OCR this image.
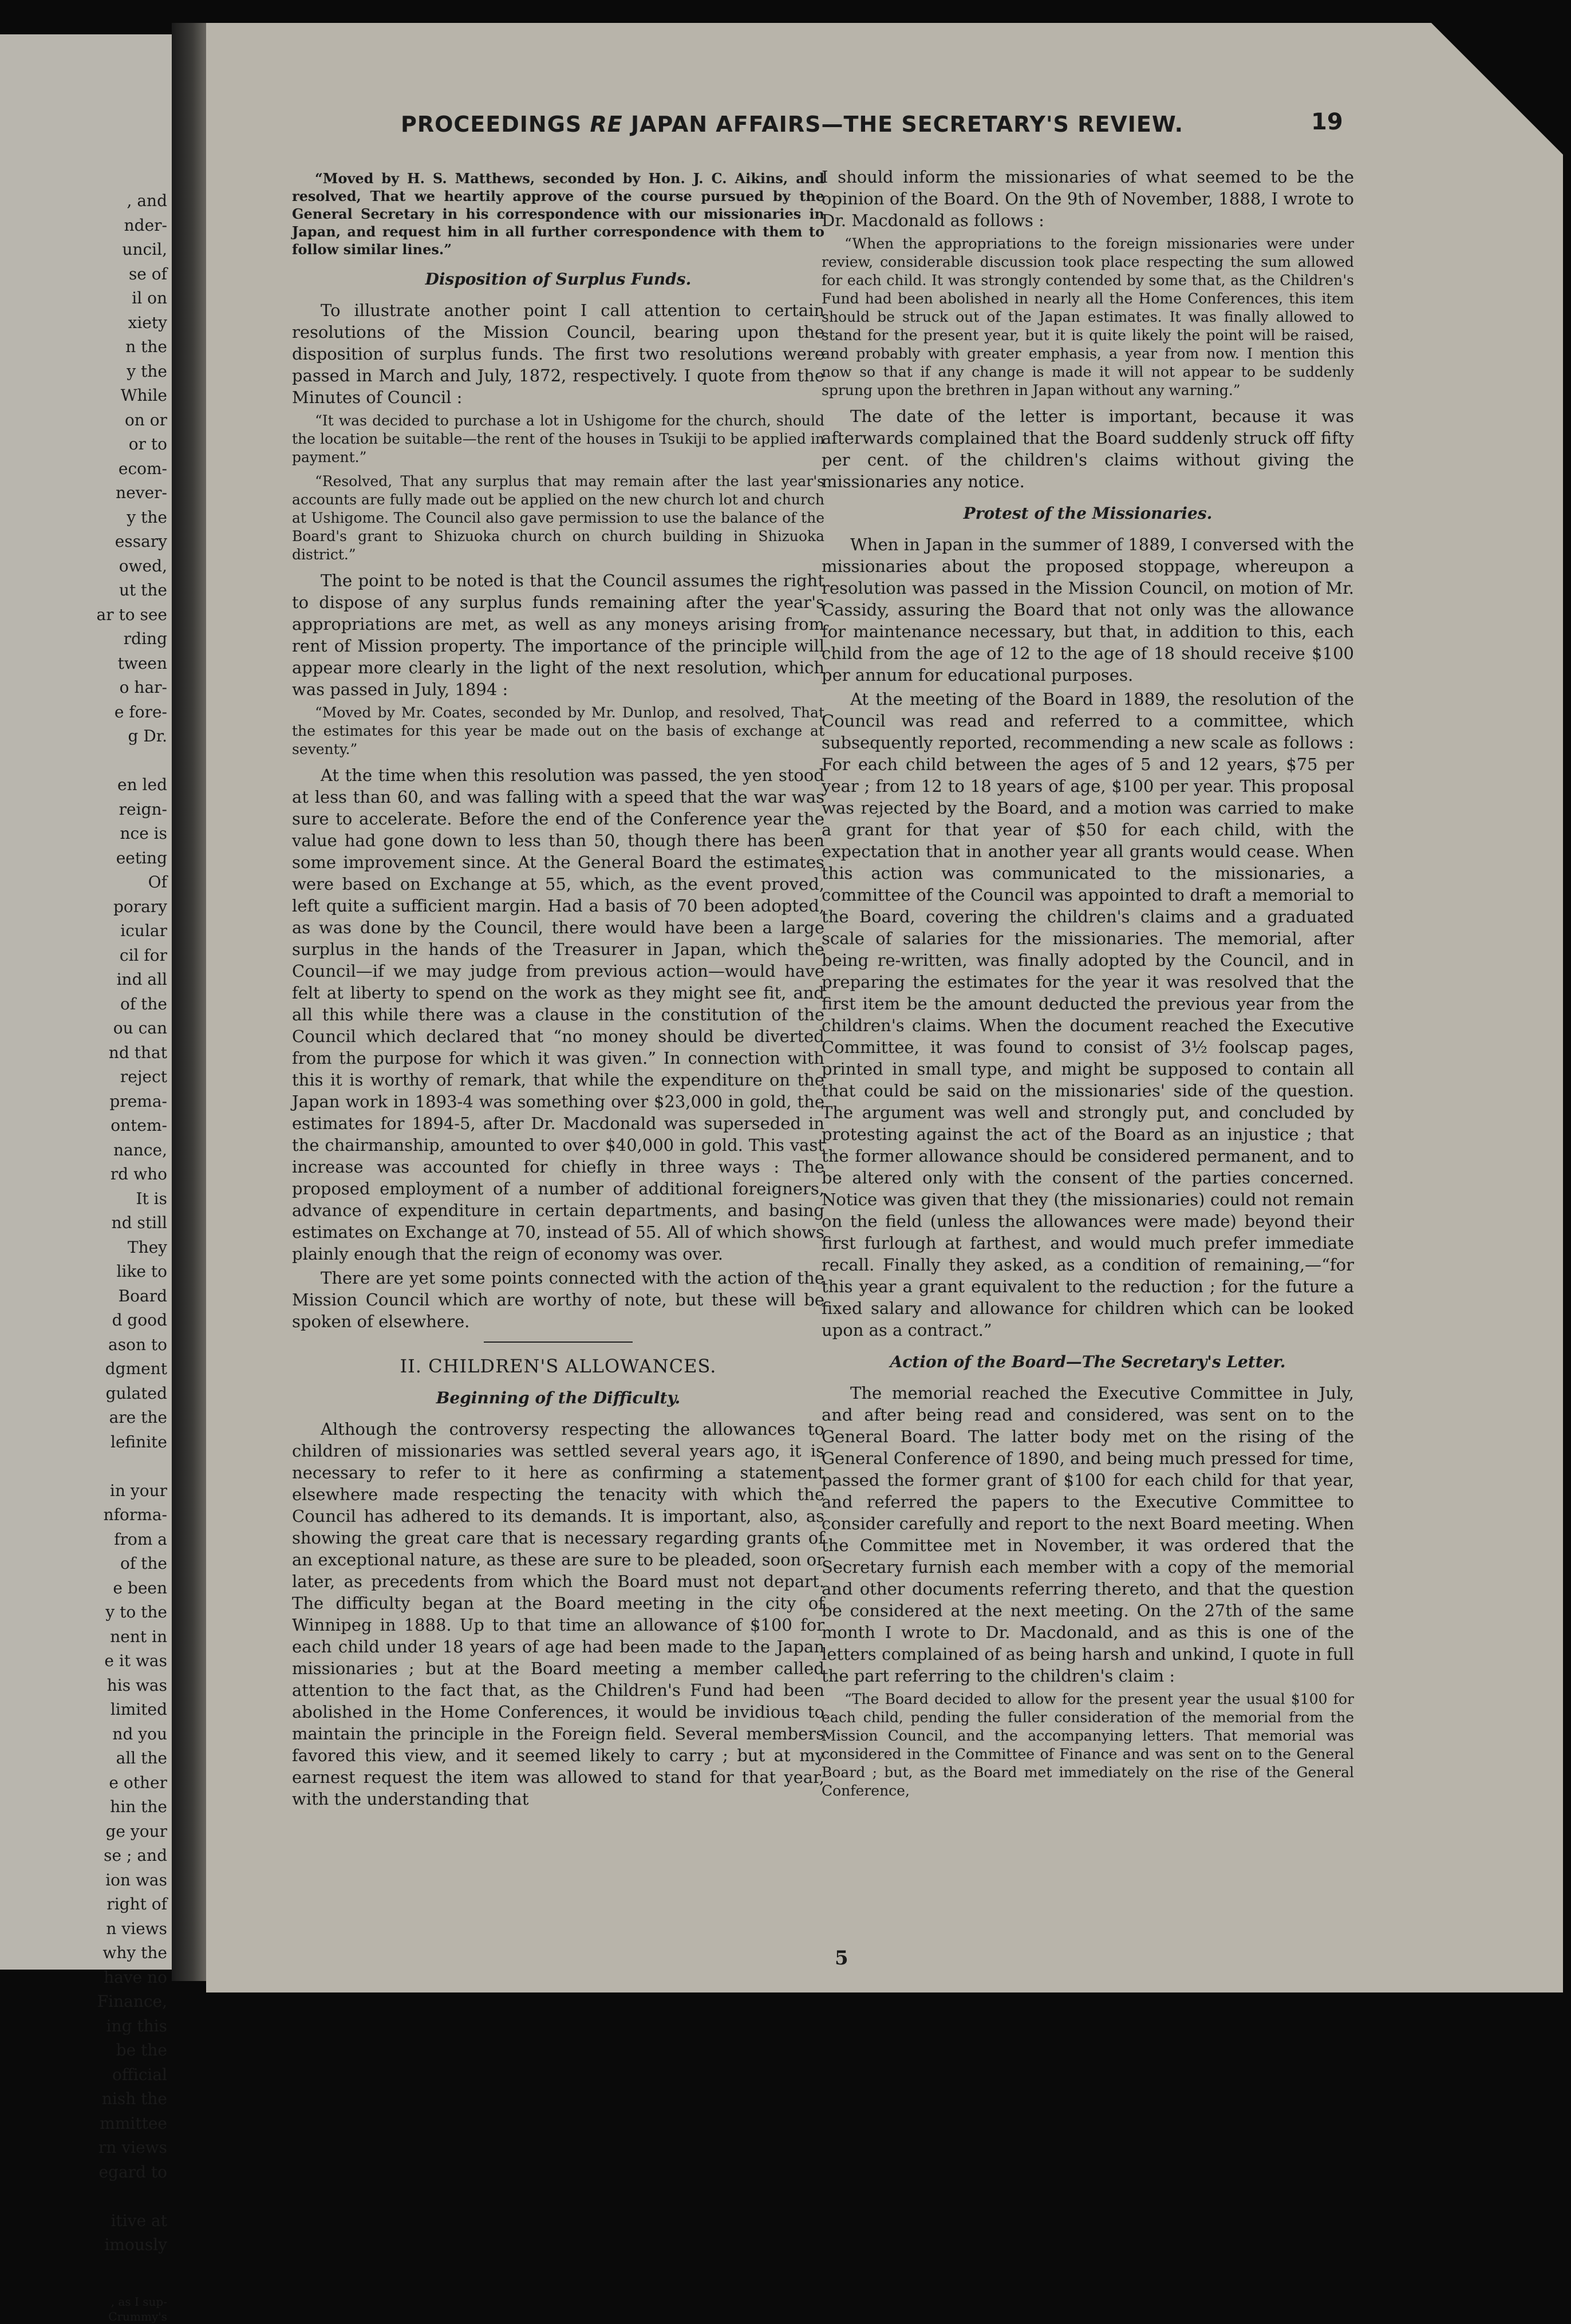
, and

nder-

uncil,

se of

il on

xiety

n the

y the

While

on or

or to

ecom-

never-

y the

essary

owed,

ut the

ar to see

rding

tween

o har-

e fore-

g Dr.

en led

reign-

nce is

eeting

Of

porary

icular

cil for

ind all

of the

ou can

nd that

reject

prema-

ontem-

nance,

rd who

It is

nd still

They

like to

Board

d good

ason to

dgment

gulated

are the

lefinite

in your

nforma-

from a

of the

e been

y to the

nent in

e it was

his was

limited

nd you

all the

e other

hin the

ge your

se ; and

ion was

right of

n views

why the

have no

Finance,

ing this

be the

official

nish the

mmittee

rn views

egard to

itive at

imously

, as I sup-

Crummy's

PROCEEDINGS RE JAPAN AFFAIRS—THE SECRETARY'S REVIEW.	19

“Moved by H. S. Matthews, seconded by Hon. J. C. Aikins, and resolved, That we heartily approve of the course pursued by the General Secretary in his correspondence with our missionaries in Japan, and request him in all further correspondence with them to follow similar lines.”

Disposition of Surplus Funds.

To illustrate another point I call attention to certain resolutions of the Mission Council, bearing upon the disposition of surplus funds. The first two resolutions were passed in March and July, 1872, respectively. I quote from the Minutes of Council :

“It was decided to purchase a lot in Ushigome for the church, should the location be suitable—the rent of the houses in Tsukiji to be applied in payment.”

“Resolved, That any surplus that may remain after the last year's accounts are fully made out be applied on the new church lot and church at Ushigome. The Council also gave permission to use the balance of the Board's grant to Shizuoka church on church building in Shizuoka district.”

The point to be noted is that the Council assumes the right to dispose of any surplus funds remaining after the year's appropriations are met, as well as any moneys arising from rent of Mission property. The importance of the principle will appear more clearly in the light of the next resolution, which was passed in July, 1894 :

“Moved by Mr. Coates, seconded by Mr. Dunlop, and resolved, That the estimates for this year be made out on the basis of exchange at seventy.”

At the time when this resolution was passed, the yen stood at less than 60, and was falling with a speed that the war was sure to accelerate. Before the end of the Conference year the value had gone down to less than 50, though there has been some improvement since. At the General Board the estimates were based on Exchange at 55, which, as the event proved, left quite a sufficient margin. Had a basis of 70 been adopted, as was done by the Council, there would have been a large surplus in the hands of the Treasurer in Japan, which the Council—if we may judge from previous action—would have felt at liberty to spend on the work as they might see fit, and all this while there was a clause in the constitution of the Council which declared that “no money should be diverted from the purpose for which it was given.” In connection with this it is worthy of remark, that while the expenditure on the Japan work in 1893-4 was something over $23,000 in gold, the estimates for 1894-5, after Dr. Macdonald was superseded in the chairmanship, amounted to over $40,000 in gold. This vast increase was accounted for chiefly in three ways : The proposed employment of a number of additional foreigners, advance of expenditure in certain departments, and basing estimates on Exchange at 70, instead of 55. All of which shows plainly enough that the reign of economy was over.

There are yet some points connected with the action of the Mission Council which are worthy of note, but these will be spoken of elsewhere.

II. CHILDREN'S ALLOWANCES.
Beginning of the Difficulty.

Although the controversy respecting the allowances to children of missionaries was settled several years ago, it is necessary to refer to it here as confirming a statement elsewhere made respecting the tenacity with which the Council has adhered to its demands. It is important, also, as showing the great care that is necessary regarding grants of an exceptional nature, as these are sure to be pleaded, soon or later, as precedents from which the Board must not depart. The difficulty began at the Board meeting in the city of Winnipeg in 1888. Up to that time an allowance of $100 for each child under 18 years of age had been made to the Japan missionaries ; but at the Board meeting a member called attention to the fact that, as the Children's Fund had been abolished in the Home Conferences, it would be invidious to maintain the principle in the Foreign field. Several members favored this view, and it seemed likely to carry ; but at my earnest request the item was allowed to stand for that year, with the understanding that

I should inform the missionaries of what seemed to be the opinion of the Board. On the 9th of November, 1888, I wrote to Dr. Macdonald as follows :

“When the appropriations to the foreign missionaries were under review, considerable discussion took place respecting the sum allowed for each child. It was strongly contended by some that, as the Children's Fund had been abolished in nearly all the Home Conferences, this item should be struck out of the Japan estimates. It was finally allowed to stand for the present year, but it is quite likely the point will be raised, and probably with greater emphasis, a year from now. I mention this now so that if any change is made it will not appear to be suddenly sprung upon the brethren in Japan without any warning.”

The date of the letter is important, because it was afterwards complained that the Board suddenly struck off fifty per cent. of the children's claims without giving the missionaries any notice.

Protest of the Missionaries.

When in Japan in the summer of 1889, I conversed with the missionaries about the proposed stoppage, whereupon a resolution was passed in the Mission Council, on motion of Mr. Cassidy, assuring the Board that not only was the allowance for maintenance necessary, but that, in addition to this, each child from the age of 12 to the age of 18 should receive $100 per annum for educational purposes.

At the meeting of the Board in 1889, the resolution of the Council was read and referred to a committee, which subsequently reported, recommending a new scale as follows : For each child between the ages of 5 and 12 years, $75 per year ; from 12 to 18 years of age, $100 per year. This proposal was rejected by the Board, and a motion was carried to make a grant for that year of $50 for each child, with the expectation that in another year all grants would cease. When this action was communicated to the missionaries, a committee of the Council was appointed to draft a memorial to the Board, covering the children's claims and a graduated scale of salaries for the missionaries. The memorial, after being re-written, was finally adopted by the Council, and in preparing the estimates for the year it was resolved that the first item be the amount deducted the previous year from the children's claims. When the document reached the Executive Committee, it was found to consist of 3½ foolscap pages, printed in small type, and might be supposed to contain all that could be said on the missionaries' side of the question. The argument was well and strongly put, and concluded by protesting against the act of the Board as an injustice ; that the former allowance should be considered permanent, and to be altered only with the consent of the parties concerned. Notice was given that they (the missionaries) could not remain on the field (unless the allowances were made) beyond their first furlough at farthest, and would much prefer immediate recall. Finally they asked, as a condition of remaining,—“for this year a grant equivalent to the reduction ; for the future a fixed salary and allowance for children which can be looked upon as a contract.”

Action of the Board—The Secretary's Letter.

The memorial reached the Executive Committee in July, and after being read and considered, was sent on to the General Board. The latter body met on the rising of the General Conference of 1890, and being much pressed for time, passed the former grant of $100 for each child for that year, and referred the papers to the Executive Committee to consider carefully and report to the next Board meeting. When the Committee met in November, it was ordered that the Secretary furnish each member with a copy of the memorial and other documents referring thereto, and that the question be considered at the next meeting. On the 27th of the same month I wrote to Dr. Macdonald, and as this is one of the letters complained of as being harsh and unkind, I quote in full the part referring to the children's claim :

“The Board decided to allow for the present year the usual $100 for each child, pending the fuller consideration of the memorial from the Mission Council, and the accompanying letters. That memorial was considered in the Committee of Finance and was sent on to the General Board ; but, as the Board met immediately on the rise of the General Conference,

5
